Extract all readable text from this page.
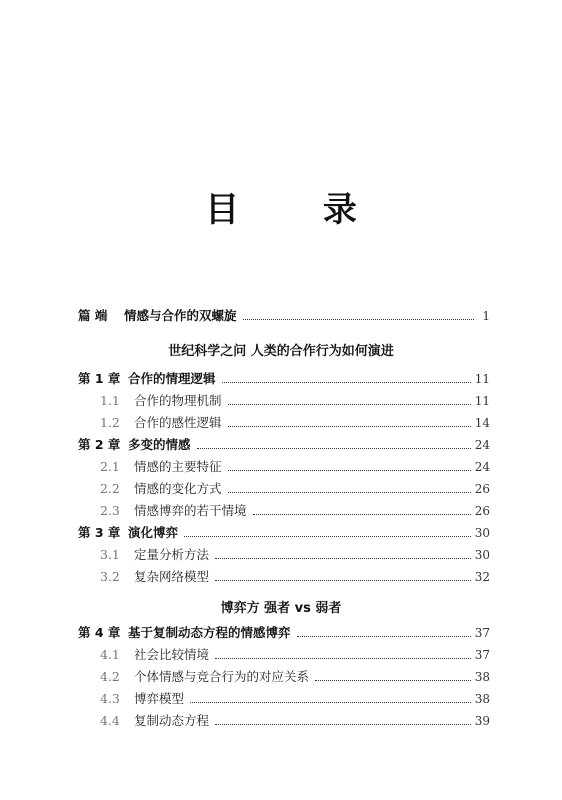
目 录
篇 端 情感与合作的双螺旋	1
世纪科学之问 人类的合作行为如何演进
第 1 章 合作的情理逻辑	11
1.1 合作的物理机制	11
1.2 合作的感性逻辑	14
第 2 章 多变的情感	24
2.1 情感的主要特征	24
2.2 情感的变化方式	26
2.3 情感博弈的若干情境	26
第 3 章 演化博弈	30
3.1 定量分析方法	30
3.2 复杂网络模型	32
博弈方 强者 vs 弱者
第 4 章 基于复制动态方程的情感博弈	37
4.1 社会比较情境	37
4.2 个体情感与竞合行为的对应关系	38
4.3 博弈模型	38
4.4 复制动态方程	39
